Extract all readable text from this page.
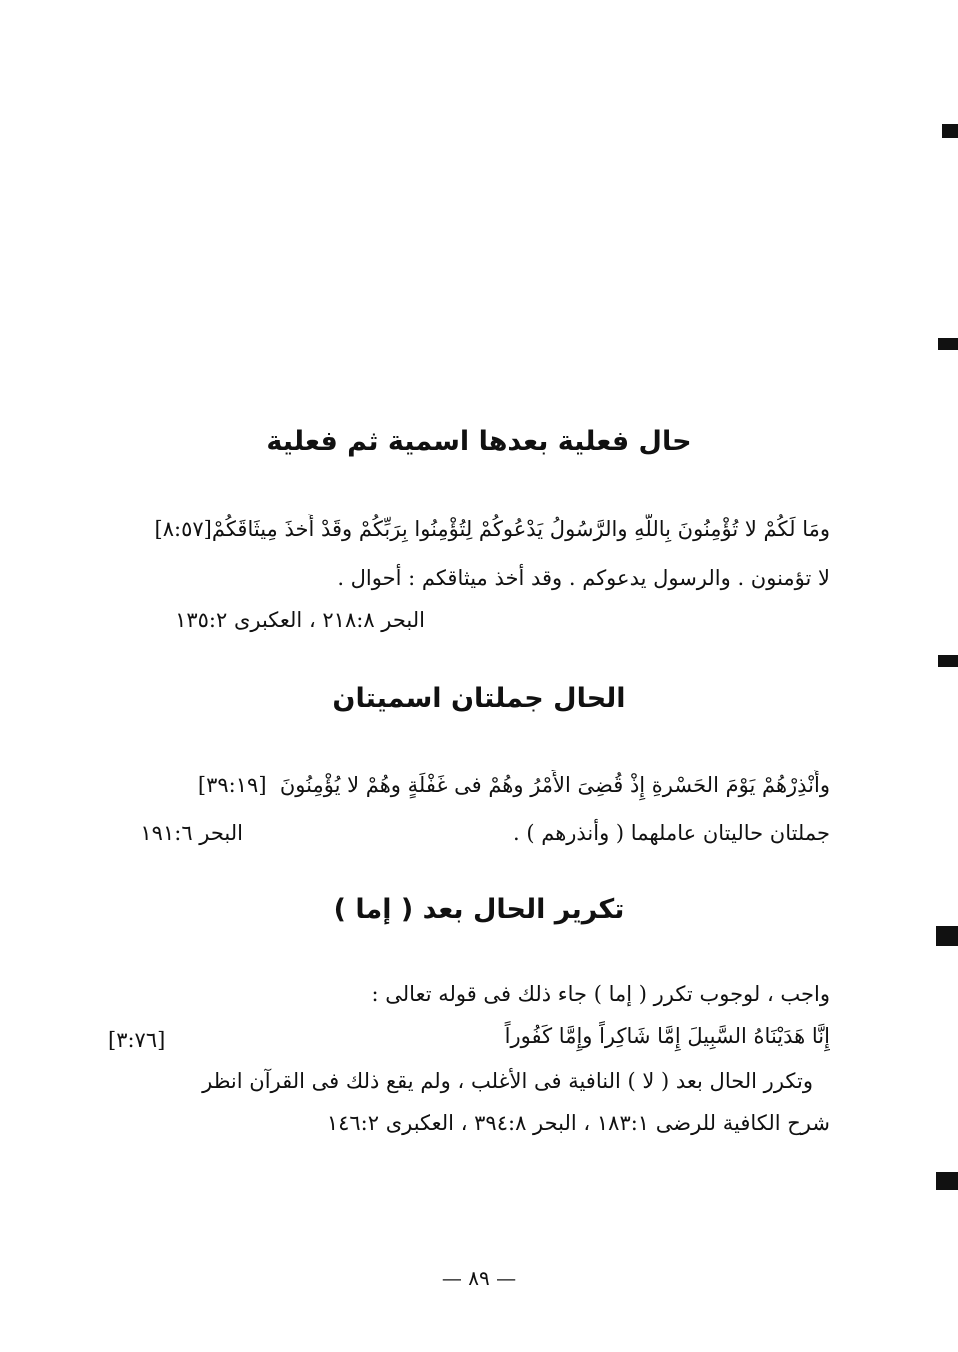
حال فعلية بعدها اسمية ثم فعلية

ومَا لَكُمْ لا تُؤْمِنُونَ بِاللّهِ والرَّسُولُ يَدْعُوكُمْ لِتُؤْمِنُوا بِرَبِّكُمْ وقَدْ أَخذَ مِيثَاقَكُمْ[٨:٥٧]

لا تؤمنون . والرسول يدعوكم . وقد أخذ ميثاقكم : أحوال .

البحر ٢١٨:٨ ، العكبرى ١٣٥:٢

الحال جملتان اسميتان

وأَنْذِرْهُمْ يَوْمَ الحَسْرةِ إِذْ قُضِىَ الأَمْرُ وهُمْ فى غَفْلَةٍ وهُمْ لا يُؤْمِنُونَ  [٣٩:١٩]

جملتان حاليتان عاملهما ( وأنذرهم ) .

البحر ١٩١:٦

تكرير الحال بعد ( إما )

واجب ، لوجوب تكرر ( إما ) جاء ذلك فى قوله تعالى :

إِنَّا هَدَيْنَاهُ السَّبِيلَ إِمَّا شَاكِراً وإِمَّا كَفُوراً

[٣:٧٦]

وتكرر الحال بعد ( لا ) النافية فى الأغلب ، ولم يقع ذلك فى القرآن انظر

شرح الكافية للرضى ١٨٣:١ ، البحر ٣٩٤:٨ ، العكبرى ١٤٦:٢

— ٨٩ —
